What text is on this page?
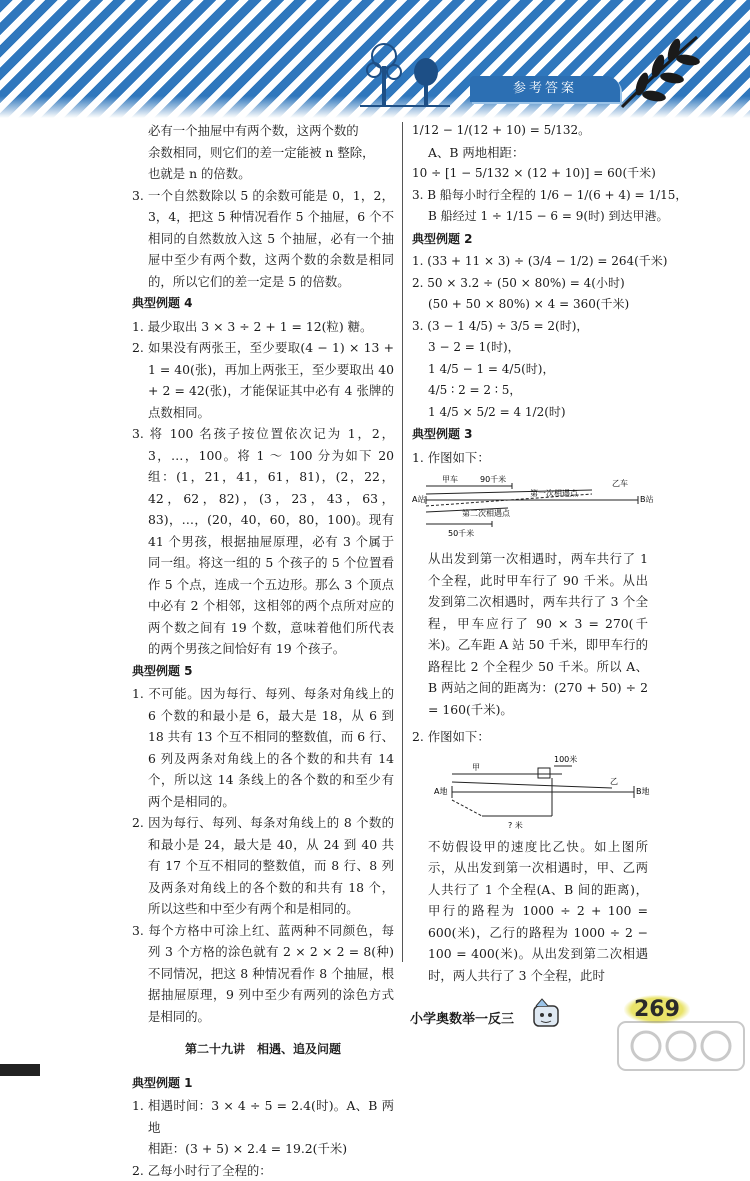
参考答案

必有一个抽屉中有两个数，这两个数的

余数相同，则它们的差一定能被 n 整除，

也就是 n 的倍数。

3. 一个自然数除以 5 的余数可能是 0，1，2，3，4，把这 5 种情况看作 5 个抽屉，6 个不相同的自然数放入这 5 个抽屉，必有一个抽屉中至少有两个数，这两个数的余数是相同的，所以它们的差一定是 5 的倍数。

典型例题 4

1. 最少取出 3 × 3 ÷ 2 + 1 = 12(粒) 糖。

2. 如果没有两张王，至少要取(4 − 1) × 13 + 1 = 40(张)，再加上两张王，至少要取出 40 + 2 = 42(张)，才能保证其中必有 4 张牌的点数相同。

3. 将 100 名孩子按位置依次记为 1，2，3，…，100。将 1 ～ 100 分为如下 20 组：(1，21，41，61，81)，(2，22，42，62，82)，(3，23，43，63，83)，…，(20，40，60，80，100)。现有 41 个男孩，根据抽屉原理，必有 3 个属于同一组。将这一组的 5 个孩子的 5 个位置看作 5 个点，连成一个五边形。那么 3 个顶点中必有 2 个相邻，这相邻的两个点所对应的两个数之间有 19 个数，意味着他们所代表的两个男孩之间恰好有 19 个孩子。

典型例题 5

1. 不可能。因为每行、每列、每条对角线上的 6 个数的和最小是 6，最大是 18，从 6 到 18 共有 13 个互不相同的整数值，而 6 行、6 列及两条对角线上的各个数的和共有 14 个，所以这 14 条线上的各个数的和至少有两个是相同的。

2. 因为每行、每列、每条对角线上的 8 个数的和最小是 24，最大是 40，从 24 到 40 共有 17 个互不相同的整数值，而 8 行、8 列及两条对角线上的各个数的和共有 18 个，所以这些和中至少有两个和是相同的。

3. 每个方格中可涂上红、蓝两种不同颜色，每列 3 个方格的涂色就有 2 × 2 × 2 = 8(种) 不同情况，把这 8 种情况看作 8 个抽屉，根据抽屉原理，9 列中至少有两列的涂色方式是相同的。

第二十九讲　相遇、追及问题

典型例题 1

1. 相遇时间：3 × 4 ÷ 5 = 2.4(时)。A、B 两地

相距：(3 + 5) × 2.4 = 19.2(千米)

2. 乙每小时行了全程的：

1/12 − 1/(12 + 10) = 5/132。

A、B 两地相距：

10 ÷ [1 − 5/132 × (12 + 10)] = 60(千米)

3. B 船每小时行全程的 1/6 − 1/(6 + 4) = 1/15，

B 船经过 1 ÷ 1/15 − 6 = 9(时) 到达甲港。

典型例题 2

1. (33 + 11 × 3) ÷ (3/4 − 1/2) = 264(千米)

2. 50 × 3.2 ÷ (50 × 80%) = 4(小时)

(50 + 50 × 80%) × 4 = 360(千米)

3. (3 − 1 4/5) ÷ 3/5 = 2(时)，

3 − 2 = 1(时)，

1 4/5 − 1 = 4/5(时)，

4/5 ∶ 2 = 2 ∶ 5，

1 4/5 × 5/2 = 4 1/2(时)

典型例题 3

1. 作图如下：

甲车	90千米	乙车
第一次相遇点
第二次相遇点
A站	B站
50千米

从出发到第一次相遇时，两车共行了 1 个全程，此时甲车行了 90 千米。从出发到第二次相遇时，两车共行了 3 个全程，甲车应行了 90 × 3 = 270(千米)。乙车距 A 站 50 千米，即甲车行的路程比 2 个全程少 50 千米。所以 A、B 两站之间的距离为：(270 + 50) ÷ 2 = 160(千米)。

2. 作图如下：

甲
100米
乙
A地	B地
? 米

不妨假设甲的速度比乙快。如上图所示，从出发到第一次相遇时，甲、乙两人共行了 1 个全程(A、B 间的距离)，甲行的路程为 1000 ÷ 2 + 100 = 600(米)，乙行的路程为 1000 ÷ 2 − 100 = 400(米)。从出发到第二次相遇时，两人共行了 3 个全程，此时

小学奥数举一反三	269
